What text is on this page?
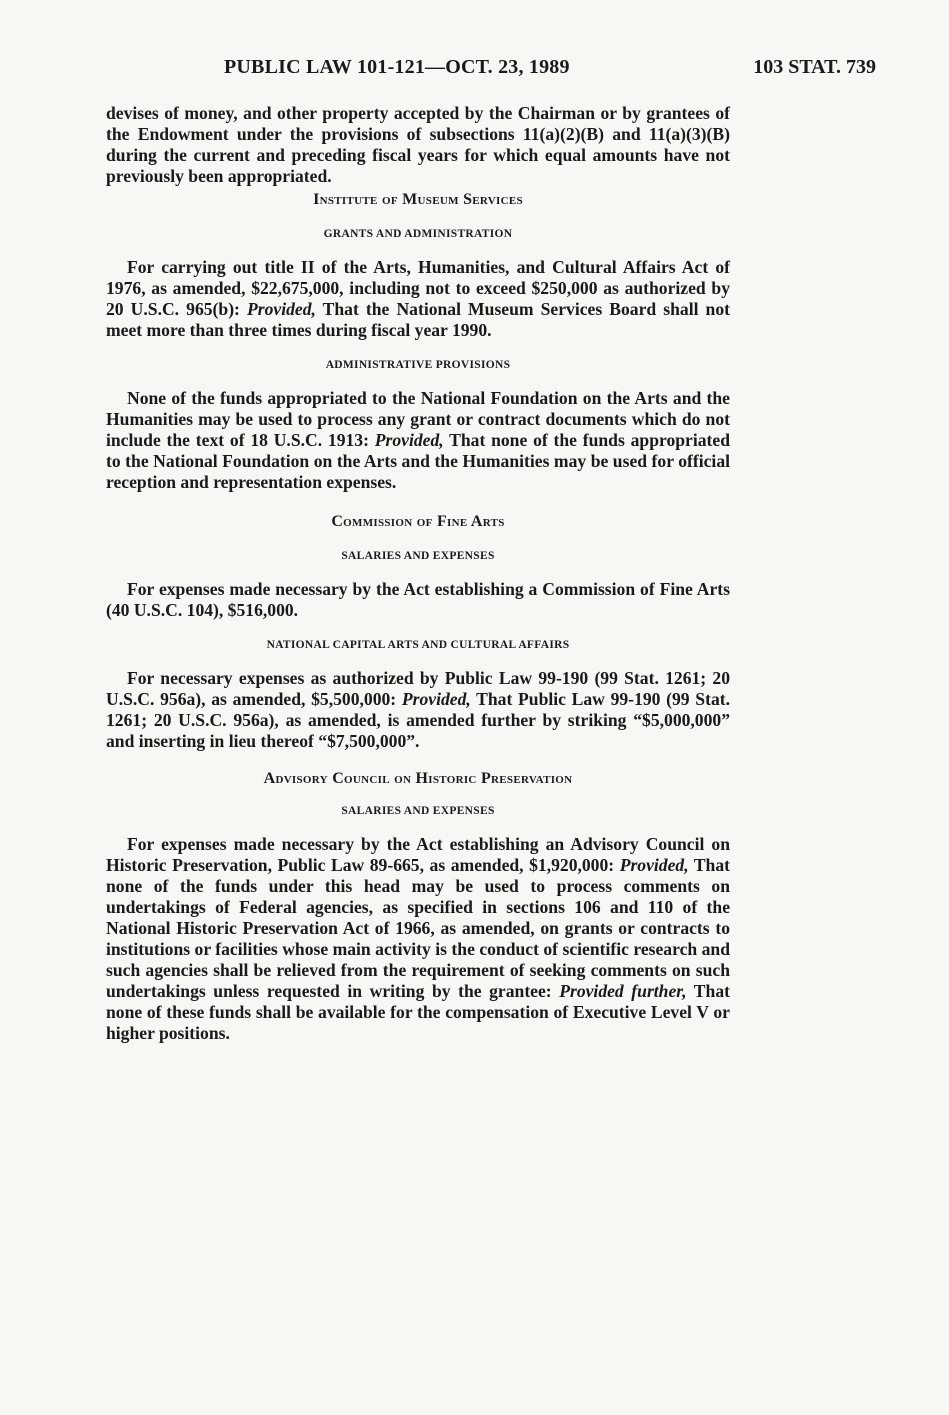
PUBLIC LAW 101-121—OCT. 23, 1989	103 STAT. 739

devises of money, and other property accepted by the Chairman or by grantees of the Endowment under the provisions of subsections 11(a)(2)(B) and 11(a)(3)(B) during the current and preceding fiscal years for which equal amounts have not previously been appropriated.

Institute of Museum Services
GRANTS AND ADMINISTRATION

For carrying out title II of the Arts, Humanities, and Cultural Affairs Act of 1976, as amended, $22,675,000, including not to exceed $250,000 as authorized by 20 U.S.C. 965(b): Provided, That the National Museum Services Board shall not meet more than three times during fiscal year 1990.

ADMINISTRATIVE PROVISIONS

None of the funds appropriated to the National Foundation on the Arts and the Humanities may be used to process any grant or contract documents which do not include the text of 18 U.S.C. 1913: Provided, That none of the funds appropriated to the National Foundation on the Arts and the Humanities may be used for official reception and representation expenses.

Commission of Fine Arts
SALARIES AND EXPENSES

For expenses made necessary by the Act establishing a Commission of Fine Arts (40 U.S.C. 104), $516,000.

NATIONAL CAPITAL ARTS AND CULTURAL AFFAIRS

For necessary expenses as authorized by Public Law 99-190 (99 Stat. 1261; 20 U.S.C. 956a), as amended, $5,500,000: Provided, That Public Law 99-190 (99 Stat. 1261; 20 U.S.C. 956a), as amended, is amended further by striking “$5,000,000” and inserting in lieu thereof “$7,500,000”.

Advisory Council on Historic Preservation
SALARIES AND EXPENSES

For expenses made necessary by the Act establishing an Advisory Council on Historic Preservation, Public Law 89-665, as amended, $1,920,000: Provided, That none of the funds under this head may be used to process comments on undertakings of Federal agencies, as specified in sections 106 and 110 of the National Historic Preservation Act of 1966, as amended, on grants or contracts to institutions or facilities whose main activity is the conduct of scientific research and such agencies shall be relieved from the requirement of seeking comments on such undertakings unless requested in writing by the grantee: Provided further, That none of these funds shall be available for the compensation of Executive Level V or higher positions.
